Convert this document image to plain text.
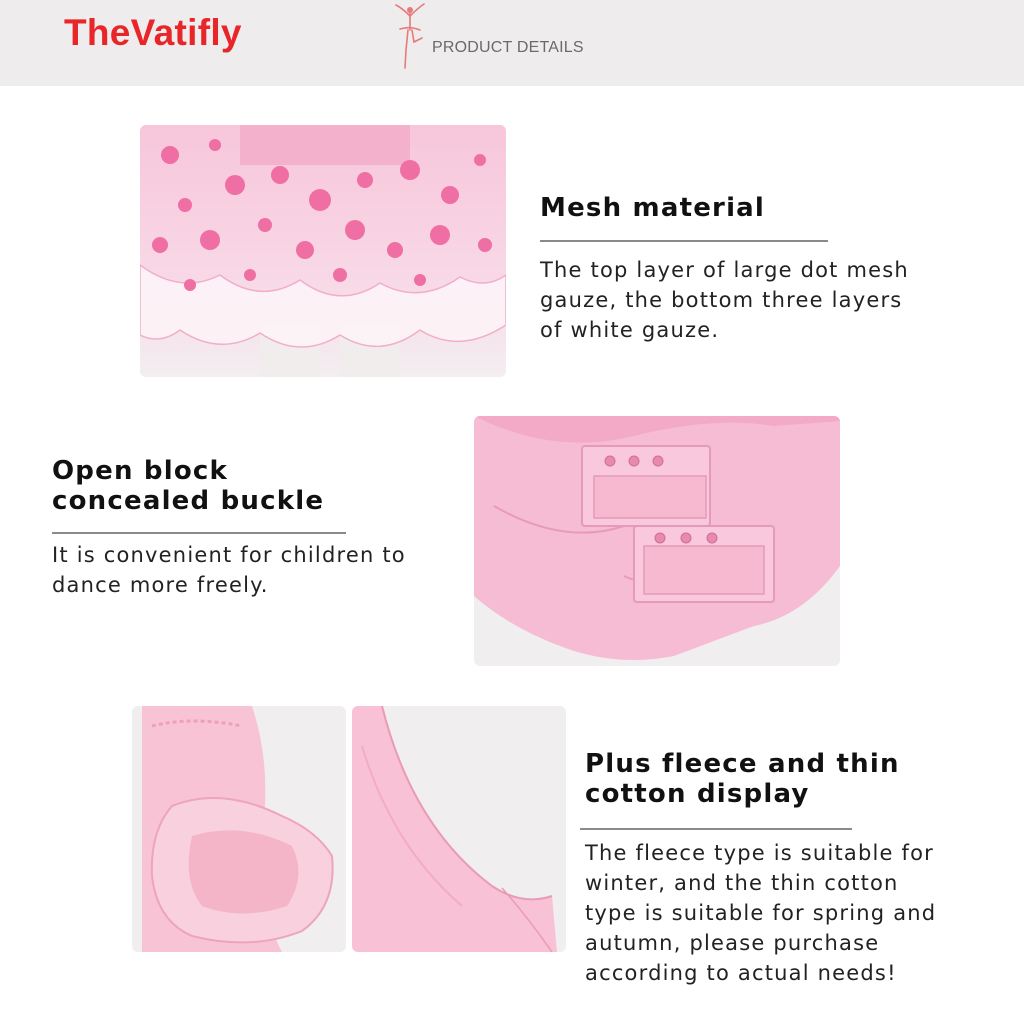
TheVatifly	PRODUCT DETAILS
Mesh material
The top layer of large dot mesh
gauze, the bottom three layers
of white gauze.
Open block
concealed buckle
It is convenient for children to
dance more freely.
Plus fleece and thin
cotton display
The fleece type is suitable for
winter, and the thin cotton
type is suitable for spring and
autumn, please purchase
according to actual needs!
